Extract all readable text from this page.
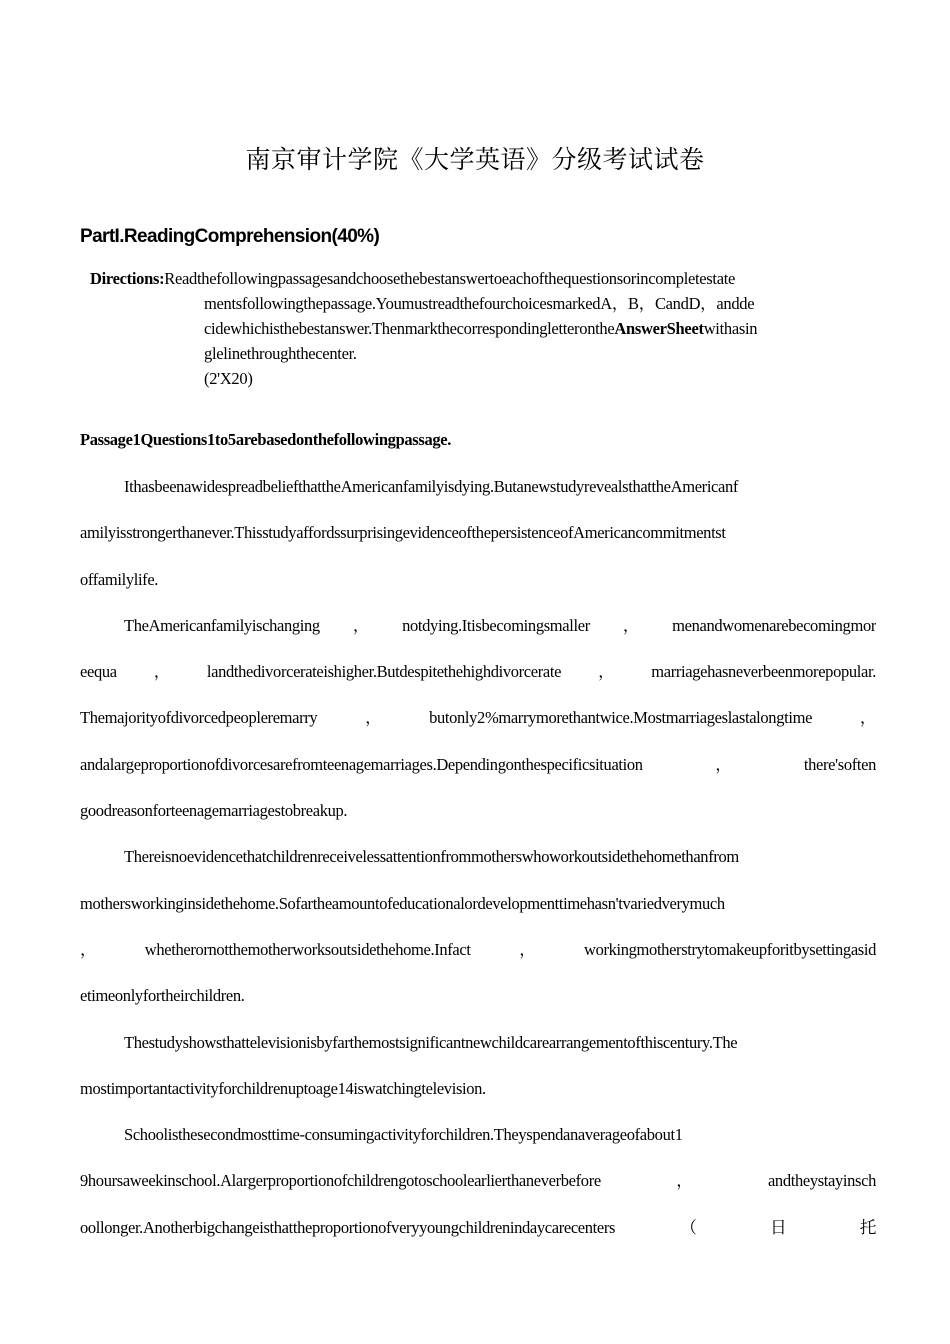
南京审计学院《大学英语》分级考试试卷
PartI.ReadingComprehension(40%)
Directions:Readthefollowingpassagesandchoosethebestanswertoeachofthequestionsorincompletestate
mentsfollowingthepassage.YoumustreadthefourchoicesmarkedA，B，CandD，andde
cidewhichisthebestanswer.ThenmarkthecorrespondingletterontheAnswerSheetwithasin
glelinethroughthecenter.
(2'X20)
Passage1Questions1to5arebasedonthefollowingpassage.
IthasbeenawidespreadbeliefthattheAmericanfamilyisdying.ButanewstudyrevealsthattheAmericanf
amilyisstrongerthanever.ThisstudyaffordssurprisingevidenceofthepersistenceofAmericancommitmentst
offamilylife.
TheAmericanfamilyischanging，notdying.Itisbecomingsmaller，menandwomenarebecomingmor
eequa，landthedivorcerateishigher.Butdespitethehighdivorcerate，marriagehasneverbeenmorepopular.
Themajorityofdivorcedpeopleremarry，butonly2%marrymorethantwice.Mostmarriageslastalongtime，
andalargeproportionofdivorcesarefromteenagemarriages.Dependingonthespecificsituation，there'soften
goodreasonforteenagemarriagestobreakup.
Thereisnoevidencethatchildrenreceivelessattentionfrommotherswhoworkoutsidethehomethanfrom
mothersworkinginsidethehome.Sofartheamountofeducationalordevelopmenttimehasn'tvariedverymuch
，whetherornotthemotherworksoutsidethehome.Infact，workingmotherstrytomakeupforitbysettingasid
etimeonlyfortheirchildren.
Thestudyshowsthattelevisionisbyfarthemostsignificantnewchildcarearrangementofthiscentury.The
mostimportantactivityforchildrenuptoage14iswatchingtelevision.
Schoolisthesecondmosttime-consumingactivityforchildren.Theyspendanaverageofabout1
9hoursaweekinschool.Alargerproportionofchildrengotoschoolearlierthaneverbefore，andtheystayinsch
oollonger.Anotherbigchangeisthattheproportionofveryyoungchildrenindaycarecenters　（　日　托
